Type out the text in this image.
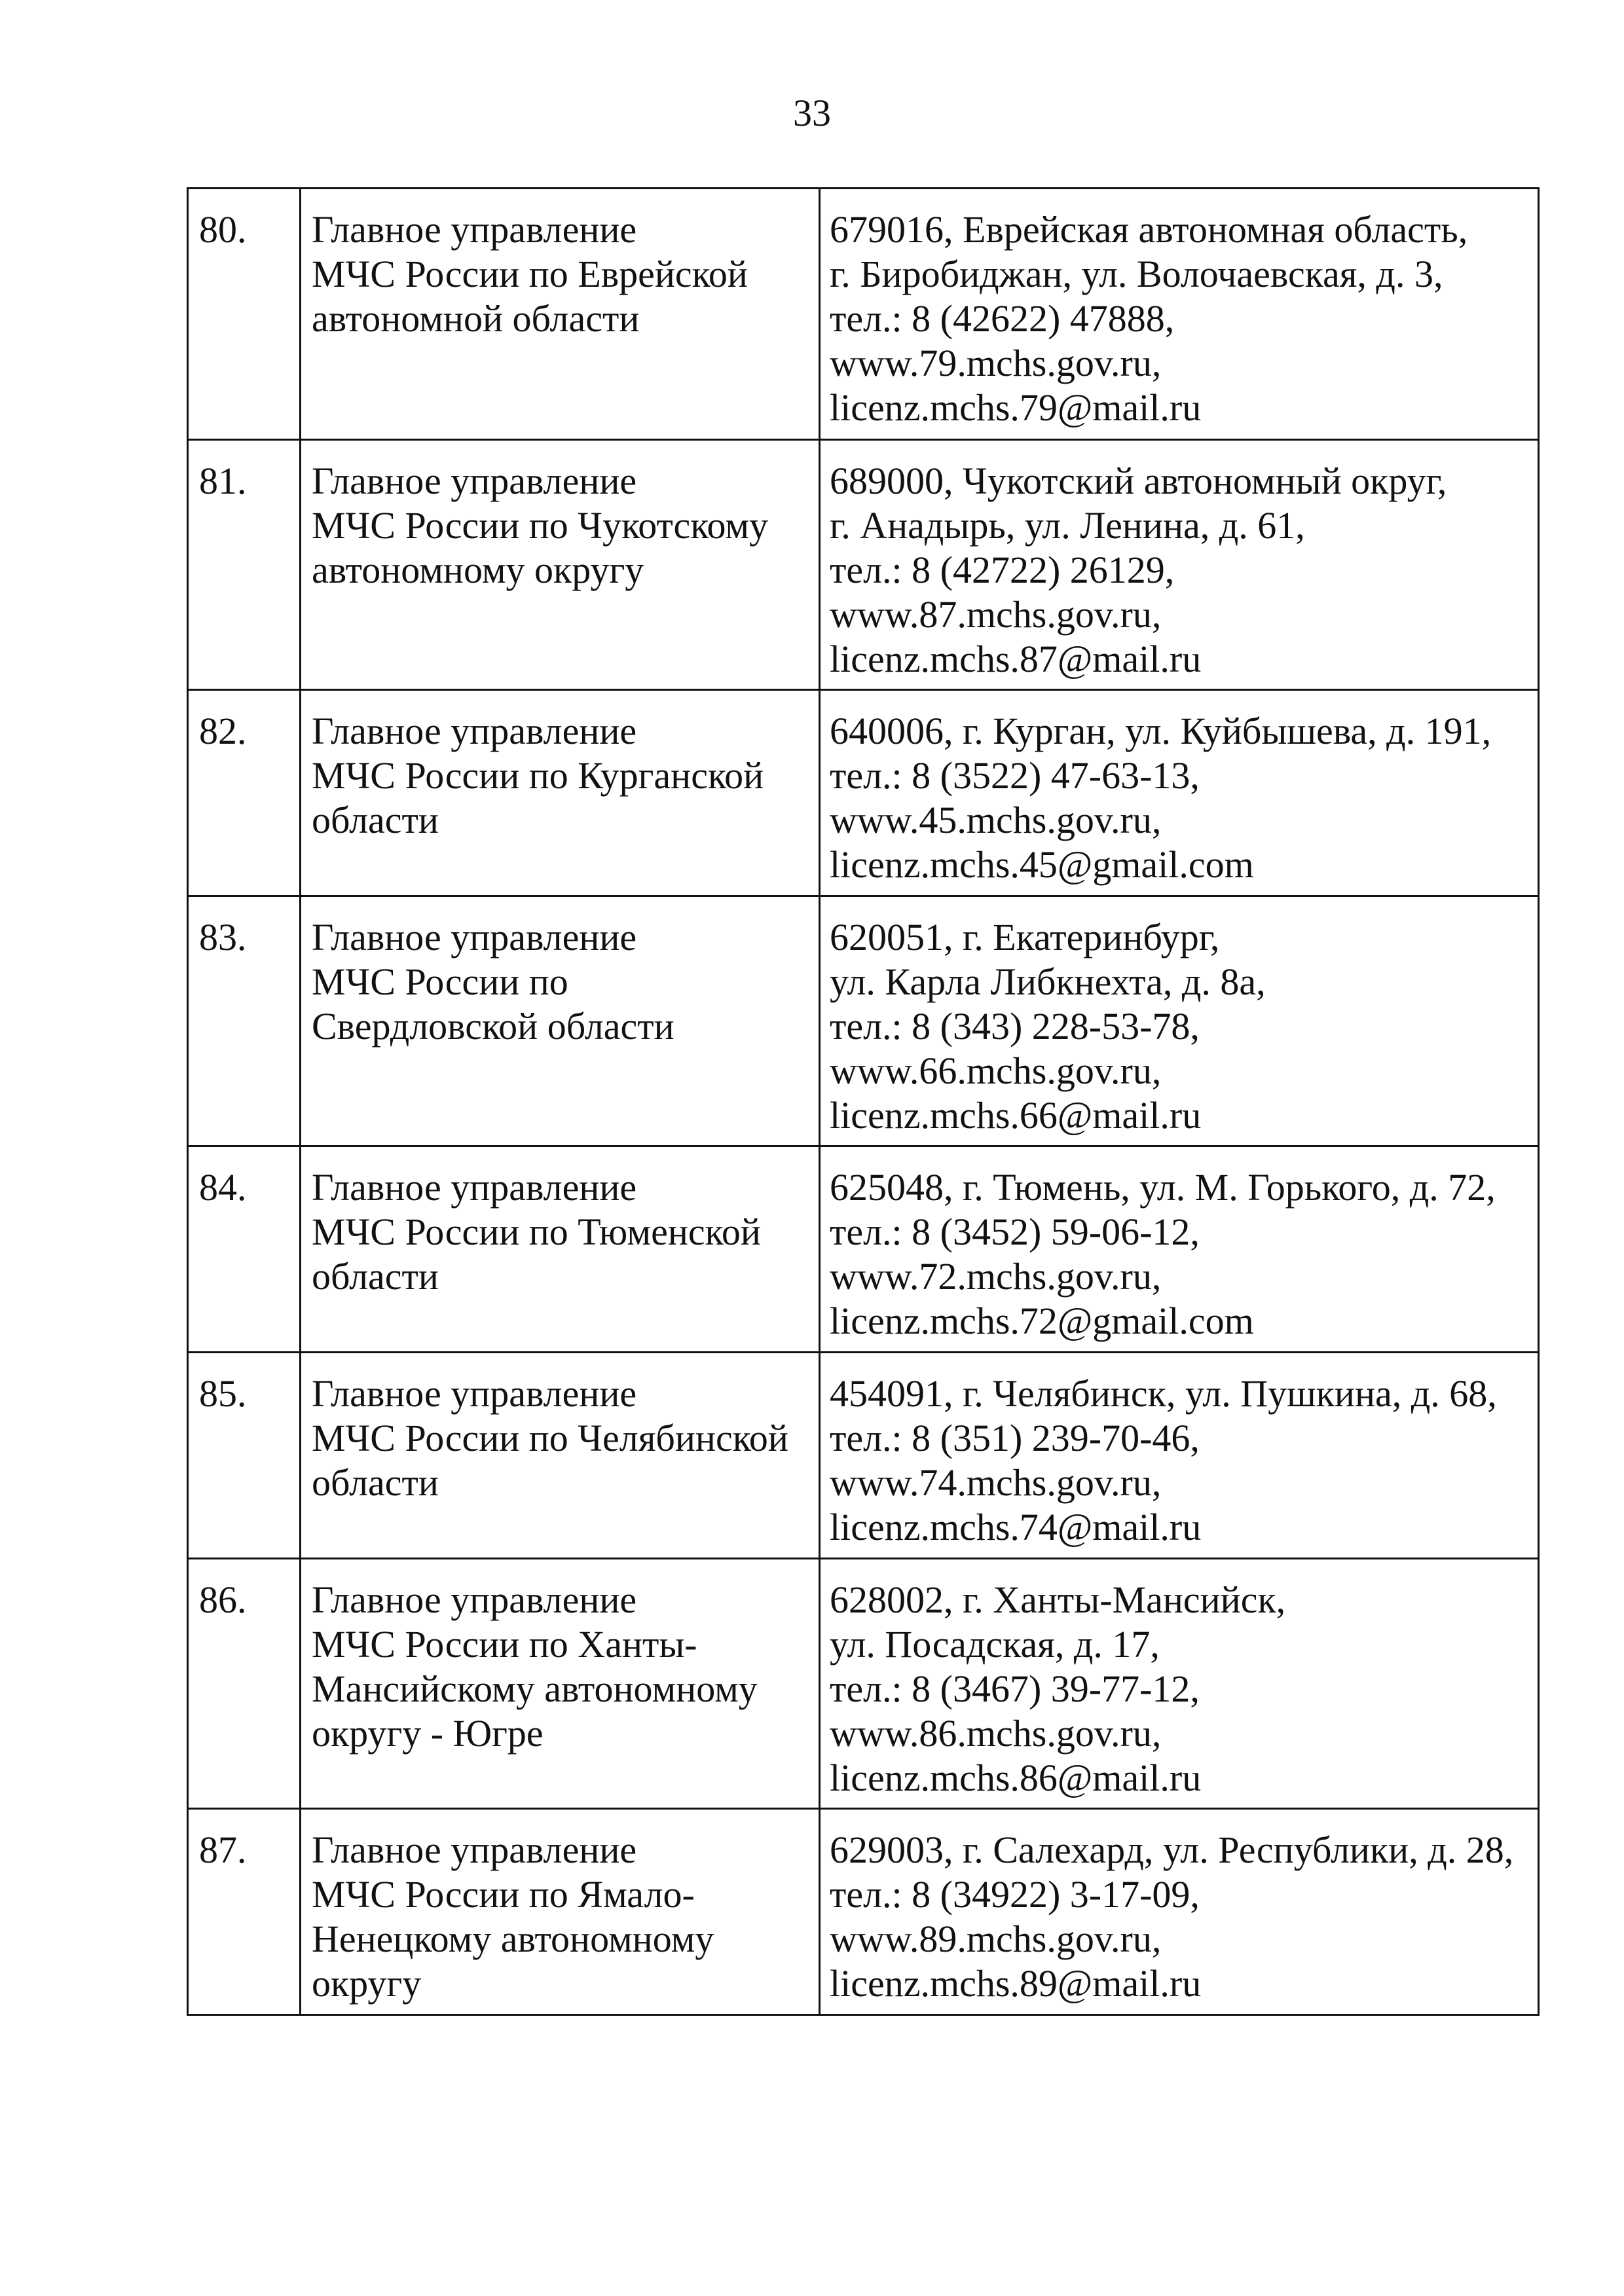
33
80.	Главное управление
МЧС России по Еврейской
автономной области	679016, Еврейская автономная область,
г. Биробиджан, ул. Волочаевская, д. 3,
тел.: 8 (42622) 47888,
www.79.mchs.gov.ru,
licenz.mchs.79@mail.ru

81.	Главное управление
МЧС России по Чукотскому
автономному округу	689000, Чукотский автономный округ,
г. Анадырь, ул. Ленина, д. 61,
тел.: 8 (42722) 26129,
www.87.mchs.gov.ru,
licenz.mchs.87@mail.ru

82.	Главное управление
МЧС России по Курганской
области	640006, г. Курган, ул. Куйбышева, д. 191,
тел.: 8 (3522) 47-63-13,
www.45.mchs.gov.ru,
licenz.mchs.45@gmail.com

83.	Главное управление
МЧС России по
Свердловской области	620051, г. Екатеринбург,
ул. Карла Либкнехта, д. 8а,
тел.: 8 (343) 228-53-78,
www.66.mchs.gov.ru,
licenz.mchs.66@mail.ru

84.	Главное управление
МЧС России по Тюменской
области	625048, г. Тюмень, ул. М. Горького, д. 72,
тел.: 8 (3452) 59-06-12,
www.72.mchs.gov.ru,
licenz.mchs.72@gmail.com

85.	Главное управление
МЧС России по Челябинской
области	454091, г. Челябинск, ул. Пушкина, д. 68,
тел.: 8 (351) 239-70-46,
www.74.mchs.gov.ru,
licenz.mchs.74@mail.ru

86.	Главное управление
МЧС России по Ханты-
Мансийскому автономному
округу - Югре	628002, г. Ханты-Мансийск,
ул. Посадская, д. 17,
тел.: 8 (3467) 39-77-12,
www.86.mchs.gov.ru,
licenz.mchs.86@mail.ru

87.	Главное управление
МЧС России по Ямало-
Ненецкому автономному
округу	629003, г. Салехард, ул. Республики, д. 28,
тел.: 8 (34922) 3-17-09,
www.89.mchs.gov.ru,
licenz.mchs.89@mail.ru
